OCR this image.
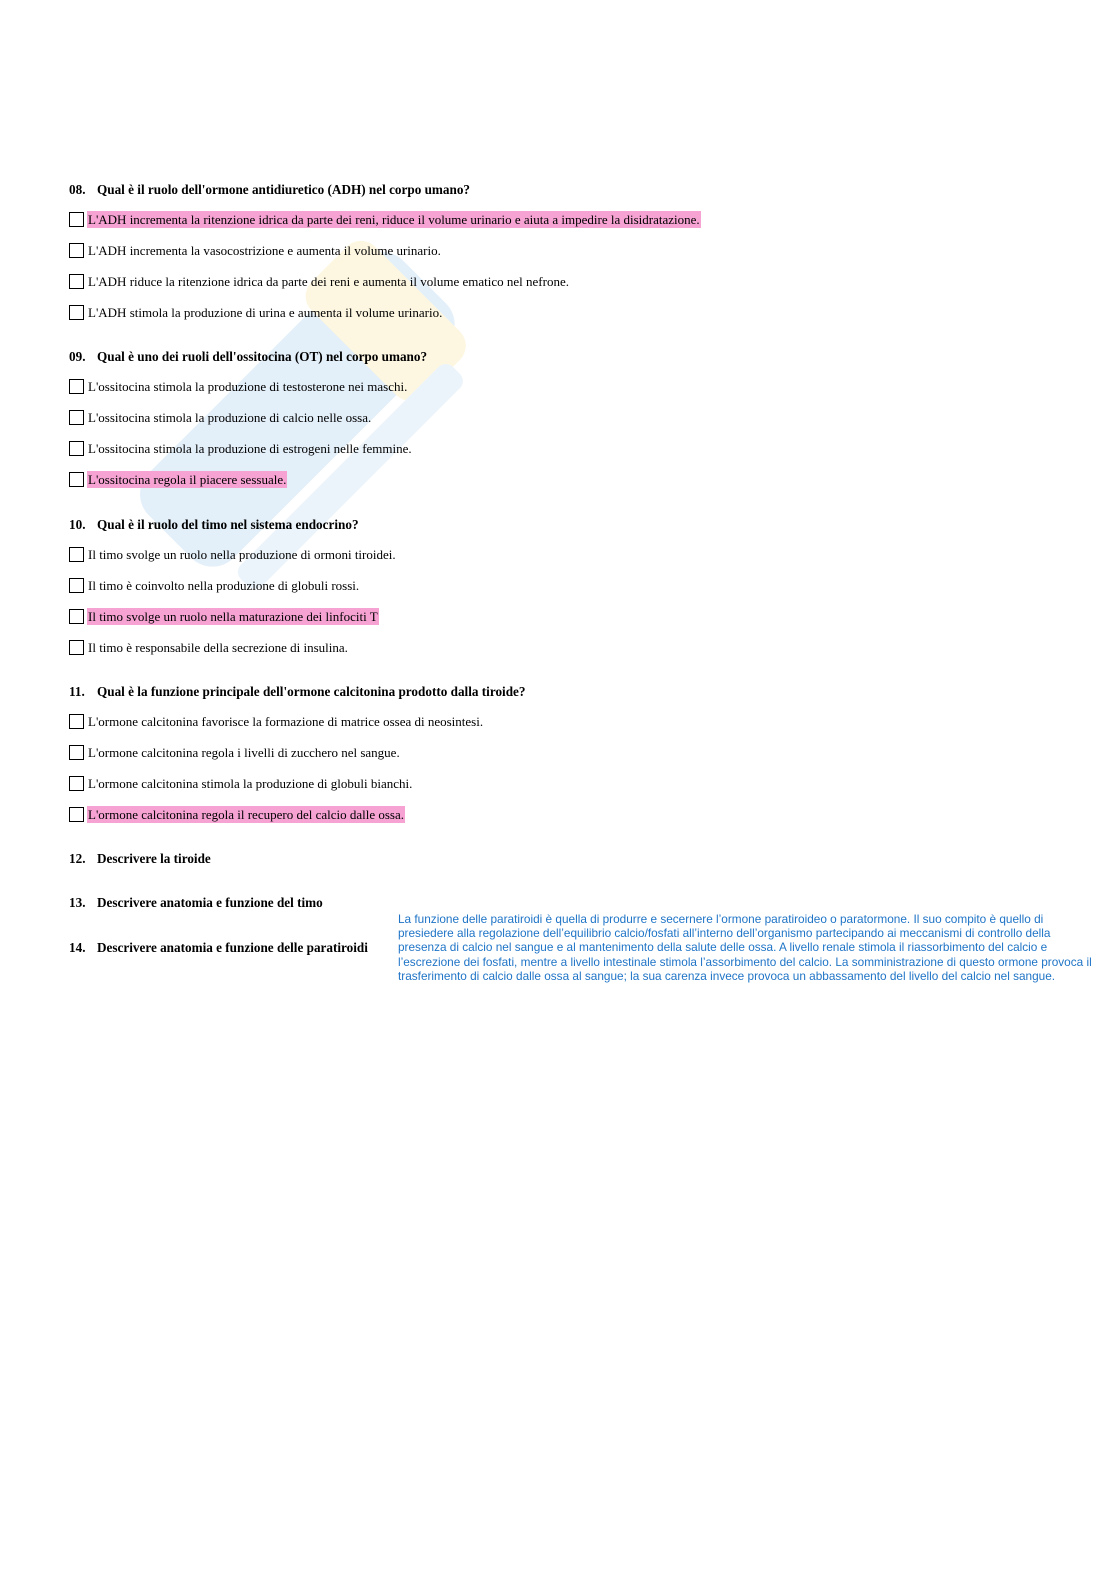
08. Qual è il ruolo dell'ormone antidiuretico (ADH) nel corpo umano?
L'ADH incrementa la ritenzione idrica da parte dei reni, riduce il volume urinario e aiuta a impedire la disidratazione.
L'ADH incrementa la vasocostrizione e aumenta il volume urinario.
L'ADH riduce la ritenzione idrica da parte dei reni e aumenta il volume ematico nel nefrone.
L'ADH stimola la produzione di urina e aumenta il volume urinario.
09. Qual è uno dei ruoli dell'ossitocina (OT) nel corpo umano?
L'ossitocina stimola la produzione di testosterone nei maschi.
L'ossitocina stimola la produzione di calcio nelle ossa.
L'ossitocina stimola la produzione di estrogeni nelle femmine.
L'ossitocina regola il piacere sessuale.
10. Qual è il ruolo del timo nel sistema endocrino?
Il timo svolge un ruolo nella produzione di ormoni tiroidei.
Il timo è coinvolto nella produzione di globuli rossi.
Il timo svolge un ruolo nella maturazione dei linfociti T
Il timo è responsabile della secrezione di insulina.
11. Qual è la funzione principale dell'ormone calcitonina prodotto dalla tiroide?
L'ormone calcitonina favorisce la formazione di matrice ossea di neosintesi.
L'ormone calcitonina regola i livelli di zucchero nel sangue.
L'ormone calcitonina stimola la produzione di globuli bianchi.
L'ormone calcitonina regola il recupero del calcio dalle ossa.
12. Descrivere la tiroide
13. Descrivere anatomia e funzione del timo
14. Descrivere anatomia e funzione delle paratiroidi
La funzione delle paratiroidi è quella di produrre e secernere l’ormone paratiroideo o paratormone. Il suo compito è quello di presiedere alla regolazione dell’equilibrio calcio/fosfati all’interno dell’organismo partecipando ai meccanismi di controllo della presenza di calcio nel sangue e al mantenimento della salute delle ossa. A livello renale stimola il riassorbimento del calcio e l’escrezione dei fosfati, mentre a livello intestinale stimola l’assorbimento del calcio. La somministrazione di questo ormone provoca il trasferimento di calcio dalle ossa al sangue; la sua carenza invece provoca un abbassamento del livello del calcio nel sangue.
